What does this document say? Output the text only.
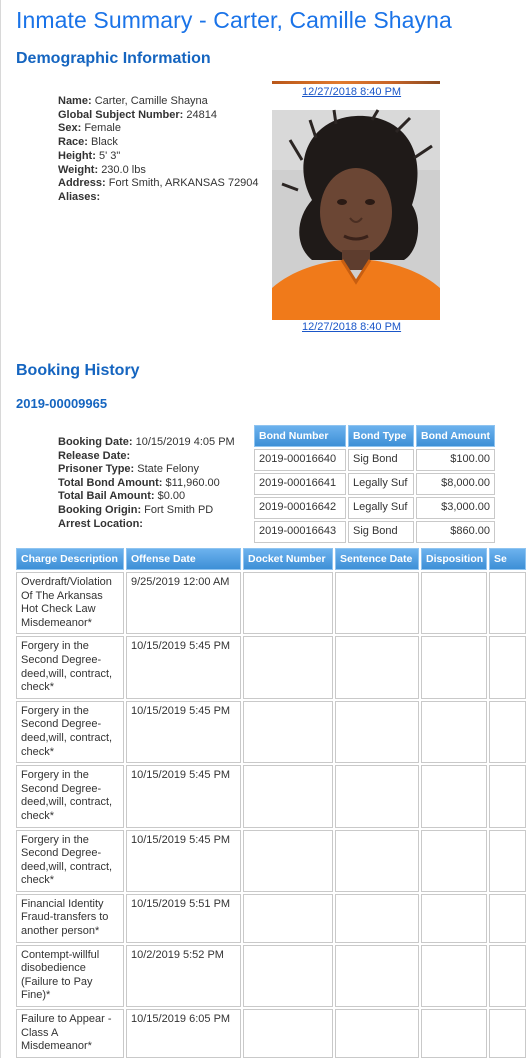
Inmate Summary - Carter, Camille Shayna
Demographic Information
Name: Carter, Camille Shayna
Global Subject Number: 24814
Sex: Female
Race: Black
Height: 5' 3"
Weight: 230.0 lbs
Address: Fort Smith, ARKANSAS 72904
Aliases:
12/27/2018 8:40 PM
12/27/2018 8:40 PM
Booking History
2019-00009965
Booking Date: 10/15/2019 4:05 PM
Release Date:
Prisoner Type: State Felony
Total Bond Amount: $11,960.00
Total Bail Amount: $0.00
Booking Origin: Fort Smith PD
Arrest Location:
Bond Number	Bond Type	Bond Amount
2019-00016640	Sig Bond	$100.00
2019-00016641	Legally Suf	$8,000.00
2019-00016642	Legally Suf	$3,000.00
2019-00016643	Sig Bond	$860.00
Charge Description	Offense Date	Docket Number	Sentence Date	Disposition	Se
Overdraft/Violation Of The Arkansas Hot Check Law Misdemeanor*	9/25/2019 12:00 AM				
Forgery in the Second Degree-deed,will, contract, check*	10/15/2019 5:45 PM				
Forgery in the Second Degree-deed,will, contract, check*	10/15/2019 5:45 PM				
Forgery in the Second Degree-deed,will, contract, check*	10/15/2019 5:45 PM				
Forgery in the Second Degree-deed,will, contract, check*	10/15/2019 5:45 PM				
Financial Identity Fraud-transfers to another person*	10/15/2019 5:51 PM				
Contempt-willful disobedience (Failure to Pay Fine)*	10/2/2019 5:52 PM				
Failure to Appear - Class A Misdemeanor*	10/15/2019 6:05 PM				
